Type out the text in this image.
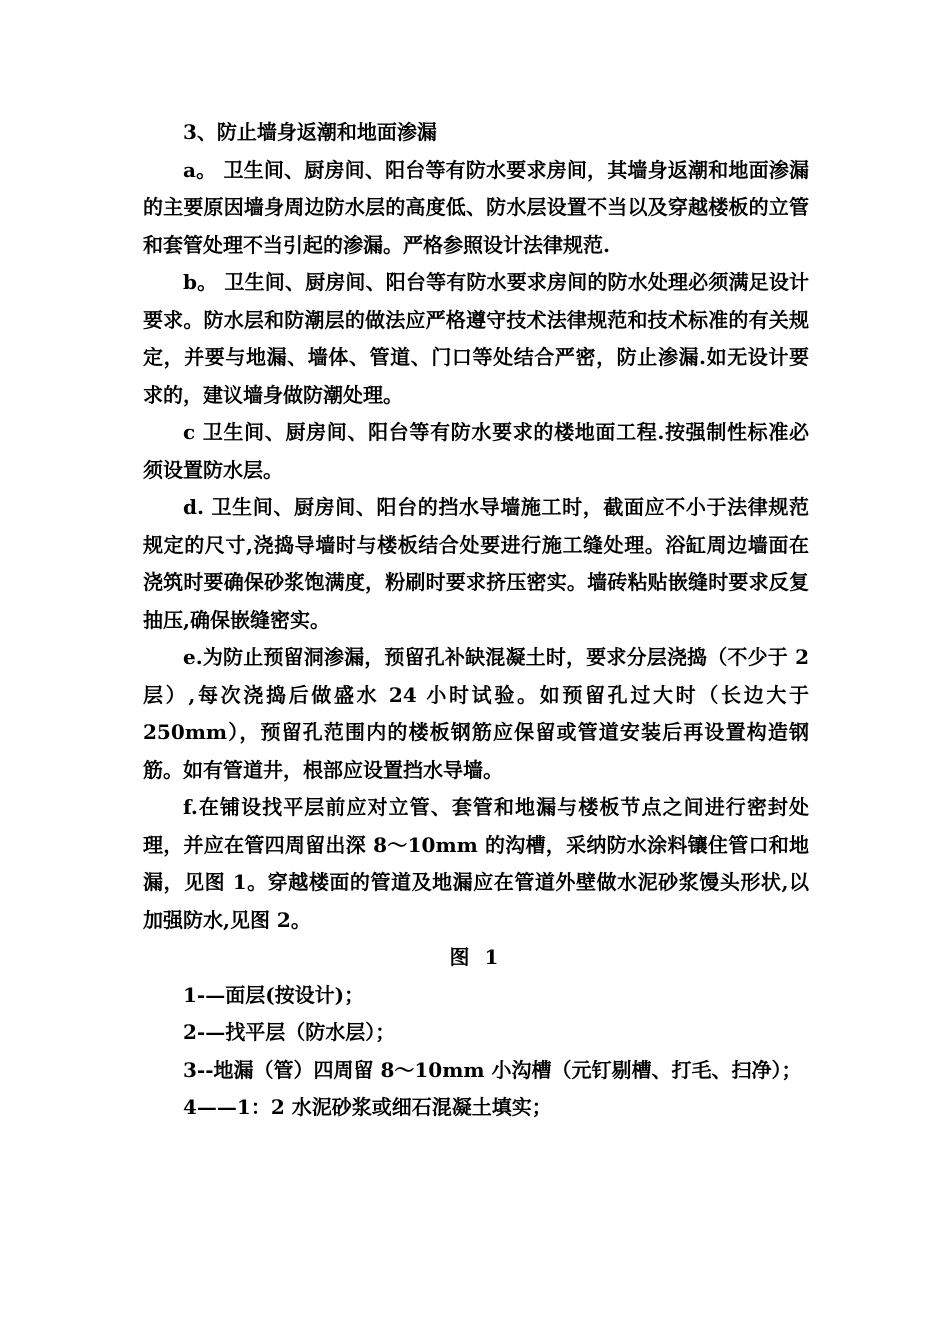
3、防止墙身返潮和地面渗漏

a。 卫生间、厨房间、阳台等有防水要求房间，其墙身返潮和地面渗漏的主要原因墙身周边防水层的高度低、防水层设置不当以及穿越楼板的立管和套管处理不当引起的渗漏。严格参照设计法律规范.

b。 卫生间、厨房间、阳台等有防水要求房间的防水处理必须满足设计要求。防水层和防潮层的做法应严格遵守技术法律规范和技术标准的有关规定，并要与地漏、墙体、管道、门口等处结合严密，防止渗漏.如无设计要求的，建议墙身做防潮处理。

c 卫生间、厨房间、阳台等有防水要求的楼地面工程.按强制性标准必须设置防水层。

d. 卫生间、厨房间、阳台的挡水导墙施工时，截面应不小于法律规范规定的尺寸,浇捣导墙时与楼板结合处要进行施工缝处理。浴缸周边墙面在浇筑时要确保砂浆饱满度，粉刷时要求挤压密实。墙砖粘贴嵌缝时要求反复抽压,确保嵌缝密实。

e.为防止预留洞渗漏，预留孔补缺混凝土时，要求分层浇捣（不少于 2 层）,每次浇捣后做盛水 24 小时试验。如预留孔过大时（长边大于 250mm），预留孔范围内的楼板钢筋应保留或管道安装后再设置构造钢筋。如有管道井，根部应设置挡水导墙。

f.在铺设找平层前应对立管、套管和地漏与楼板节点之间进行密封处理，并应在管四周留出深 8～10mm 的沟槽，采纳防水涂料镶住管口和地漏，见图 1。穿越楼面的管道及地漏应在管道外壁做水泥砂浆馒头形状,以加强防水,见图 2。

图 1

1-—面层(按设计)；

2-—找平层（防水层）；

3--地漏（管）四周留 8～10mm 小沟槽（元钉剔槽、打毛、扫净）；

4——1：2 水泥砂浆或细石混凝土填实；
